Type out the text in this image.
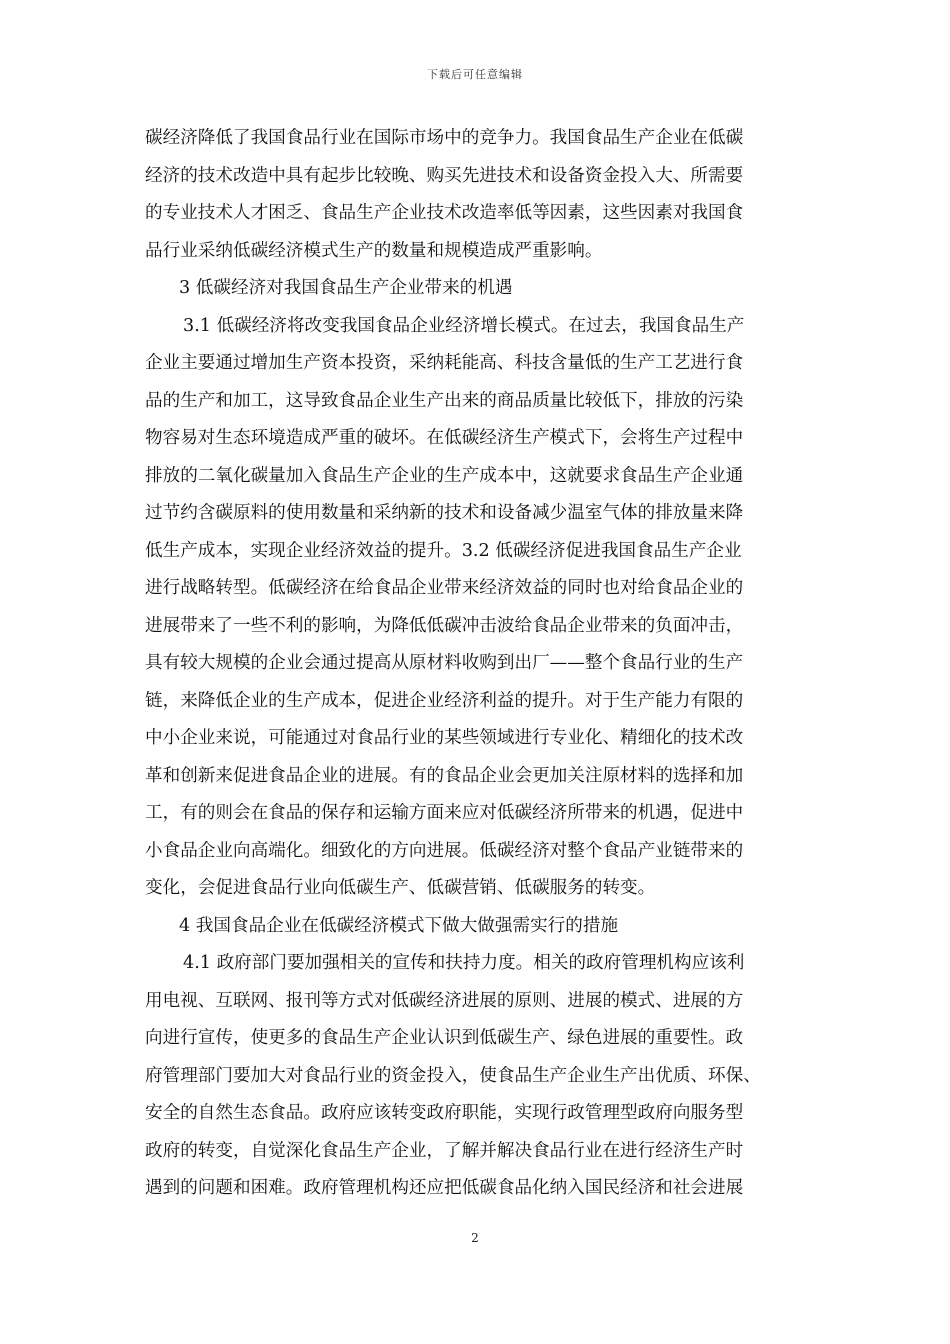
下载后可任意编辑
碳经济降低了我国食品行业在国际市场中的竞争力。我国食品生产企业在低碳
经济的技术改造中具有起步比较晚、购买先进技术和设备资金投入大、所需要
的专业技术人才困乏、食品生产企业技术改造率低等因素，这些因素对我国食
品行业采纳低碳经济模式生产的数量和规模造成严重影响。
3 低碳经济对我国食品生产企业带来的机遇
3.1 低碳经济将改变我国食品企业经济增长模式。在过去，我国食品生产
企业主要通过增加生产资本投资，采纳耗能高、科技含量低的生产工艺进行食
品的生产和加工，这导致食品企业生产出来的商品质量比较低下，排放的污染
物容易对生态环境造成严重的破坏。在低碳经济生产模式下，会将生产过程中
排放的二氧化碳量加入食品生产企业的生产成本中，这就要求食品生产企业通
过节约含碳原料的使用数量和采纳新的技术和设备减少温室气体的排放量来降
低生产成本，实现企业经济效益的提升。3.2 低碳经济促进我国食品生产企业
进行战略转型。低碳经济在给食品企业带来经济效益的同时也对给食品企业的
进展带来了一些不利的影响，为降低低碳冲击波给食品企业带来的负面冲击，
具有较大规模的企业会通过提高从原材料收购到出厂——整个食品行业的生产
链，来降低企业的生产成本，促进企业经济利益的提升。对于生产能力有限的
中小企业来说，可能通过对食品行业的某些领域进行专业化、精细化的技术改
革和创新来促进食品企业的进展。有的食品企业会更加关注原材料的选择和加
工，有的则会在食品的保存和运输方面来应对低碳经济所带来的机遇，促进中
小食品企业向高端化。细致化的方向进展。低碳经济对整个食品产业链带来的
变化，会促进食品行业向低碳生产、低碳营销、低碳服务的转变。
4 我国食品企业在低碳经济模式下做大做强需实行的措施
4.1 政府部门要加强相关的宣传和扶持力度。相关的政府管理机构应该利
用电视、互联网、报刊等方式对低碳经济进展的原则、进展的模式、进展的方
向进行宣传，使更多的食品生产企业认识到低碳生产、绿色进展的重要性。政
府管理部门要加大对食品行业的资金投入，使食品生产企业生产出优质、环保、
安全的自然生态食品。政府应该转变政府职能，实现行政管理型政府向服务型
政府的转变，自觉深化食品生产企业，了解并解决食品行业在进行经济生产时
遇到的问题和困难。政府管理机构还应把低碳食品化纳入国民经济和社会进展
2
